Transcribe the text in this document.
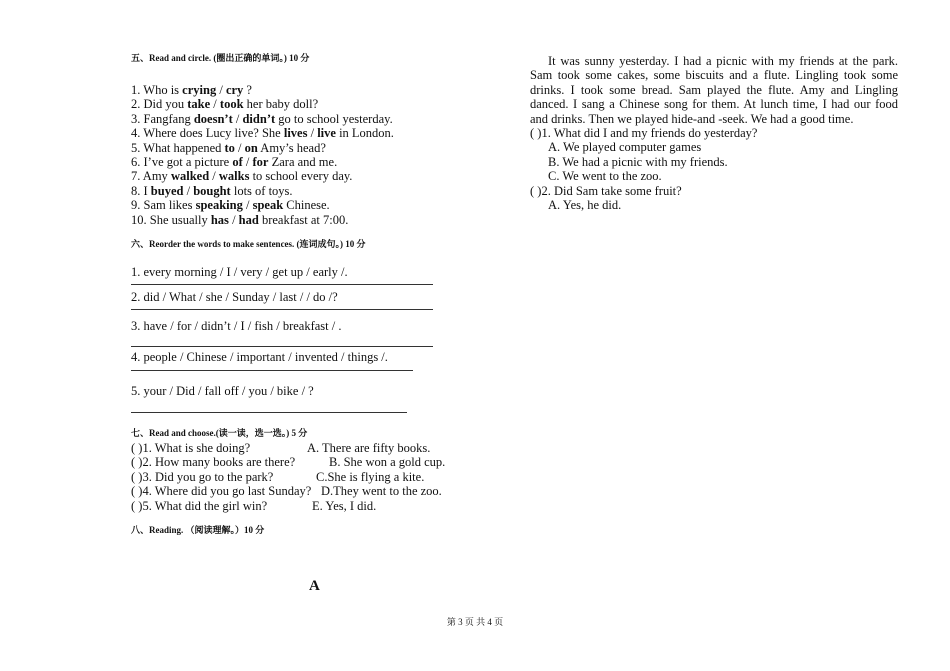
五、Read and circle. (圈出正确的单词。) 10 分
1. Who is crying / cry ?
2. Did you take / took her baby doll?
3. Fangfang doesn’t / didn’t go to school yesterday.
4. Where does Lucy live? She lives / live in London.
5. What happened to / on Amy’s head?
6. I’ve got a picture of / for Zara and me.
7. Amy walked / walks to school every day.
8. I buyed / bought lots of toys.
9. Sam likes speaking / speak Chinese.
10. She usually has / had breakfast at 7:00.
六、Reorder the words to make sentences. (连词成句。) 10 分
1. every morning / I / very / get up / early /.
2. did / What / she / Sunday / last / / do /?
3. have / for / didn’t / I / fish / breakfast / .
4. people / Chinese / important / invented / things /.
5. your / Did / fall off / you / bike / ?
七、Read and choose.(读一读，选一选。) 5 分
( )1. What is she doing?	A. There are fifty books.
( )2. How many books are there?	B. She won a gold cup.
( )3. Did you go to the park?	C.She is flying a kite.
( )4. Where did you go last Sunday? D.They went to the zoo.
( )5. What did the girl win?	E. Yes, I did.
八、Reading. （阅读理解。）10 分
A
It was sunny yesterday. I had a picnic with my friends at the park. Sam took some cakes, some biscuits and a flute. Lingling took some drinks. I took some bread. Sam played the flute. Amy and Lingling danced. I sang a Chinese song for them. At lunch time, I had our food and drinks. Then we played hide-and -seek. We had a good time.
( )1. What did I and my friends do yesterday?
A. We played computer games
B. We had a picnic with my friends.
C. We went to the zoo.
( )2. Did Sam take some fruit?
A. Yes, he did.
第 3 页 共 4 页
